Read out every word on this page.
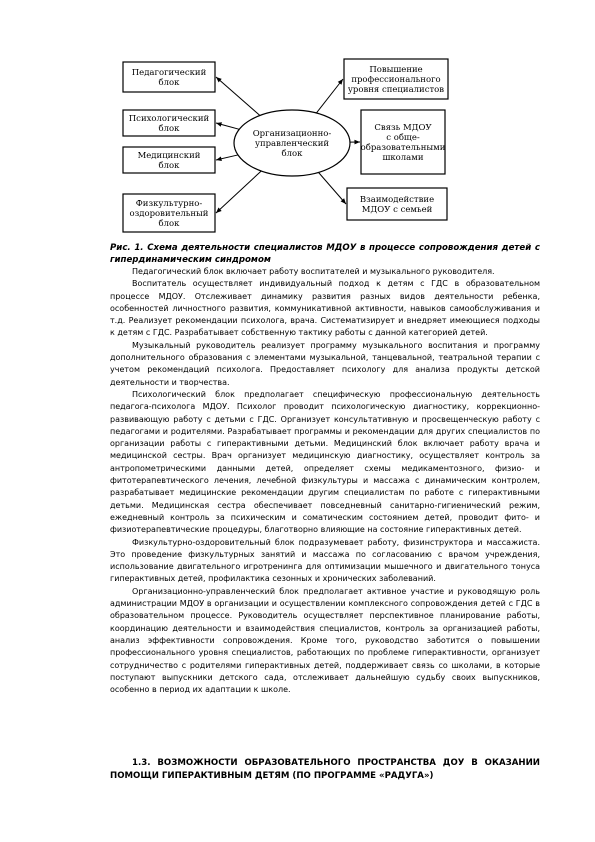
Педагогический
блок
Психологический
блок
Медицинский
блок
Физкультурно-
оздоровительный
блок
Повышение
профессионального
уровня специалистов
Связь МДОУ
с обще-
образовательными
школами
Взаимодействие
МДОУ с семьей
Организационно-
управленческий
блок
Рис. 1. Схема деятельности специалистов МДОУ в процессе сопровождения детей с гипердинамическим синдромом

Педагогический блок включает работу воспитателей и музыкального руководителя.

Воспитатель осуществляет индивидуальный подход к детям с ГДС в образовательном процессе МДОУ. Отслеживает динамику развития разных видов деятельности ребенка, особенностей личностного развития, коммуникативной активности, навыков самообслуживания и т.д. Реализует рекомендации психолога, врача. Систематизирует и внедряет имеющиеся подходы к детям с ГДС. Разрабатывает собственную тактику работы с данной категорией детей.

Музыкальный руководитель реализует программу музыкального воспитания и программу дополнительного образования с элементами музыкальной, танцевальной, театральной терапии с учетом рекомендаций психолога. Предоставляет психологу для анализа продукты детской деятельности и творчества.

Психологический блок предполагает специфическую профессиональную деятельность педагога-психолога МДОУ. Психолог проводит психологическую диагностику, коррекционно-развивающую работу с детьми с ГДС. Организует консультативную и просвещенческую работу с педагогами и родителями. Разрабатывает программы и рекомендации для других специалистов по организации работы с гиперактивными детьми. Медицинский блок включает работу врача и медицинской сестры. Врач организует медицинскую диагностику, осуществляет контроль за антропометрическими данными детей, определяет схемы медикаментозного, физио- и фитотерапевтического лечения, лечебной физкультуры и массажа с динамическим контролем, разрабатывает медицинские рекомендации другим специалистам по работе с гиперактивными детьми. Медицинская сестра обеспечивает повседневный санитарно-гигиенический режим, ежедневный контроль за психическим и соматическим состоянием детей, проводит фито- и физиотерапевтические процедуры, благотворно влияющие на состояние гиперактивных детей.

Физкультурно-оздоровительный блок подразумевает работу, физинструктора и массажиста. Это проведение физкультурных занятий и массажа по согласованию с врачом учреждения, использование двигательного игротренинга для оптимизации мышечного и двигательного тонуса гиперактивных детей, профилактика сезонных и хронических заболеваний.

Организационно-управленческий блок предполагает активное участие и руководящую роль администрации МДОУ в организации и осуществлении комплексного сопровождения детей с ГДС в образовательном процессе. Руководитель осуществляет перспективное планирование работы, координацию деятельности и взаимодействия специалистов, контроль за организацией работы, анализ эффективности сопровождения. Кроме того, руководство заботится о повышении профессионального уровня специалистов, работающих по проблеме гиперактивности, организует сотрудничество с родителями гиперактивных детей, поддерживает связь со школами, в которые поступают выпускники детского сада, отслеживает дальнейшую судьбу своих выпускников, особенно в период их адаптации к школе.

1.3. ВОЗМОЖНОСТИ ОБРАЗОВАТЕЛЬНОГО ПРОСТРАНСТВА ДОУ В ОКАЗАНИИ ПОМОЩИ ГИПЕРАКТИВНЫМ ДЕТЯМ (ПО ПРОГРАММЕ «РАДУГА»)
